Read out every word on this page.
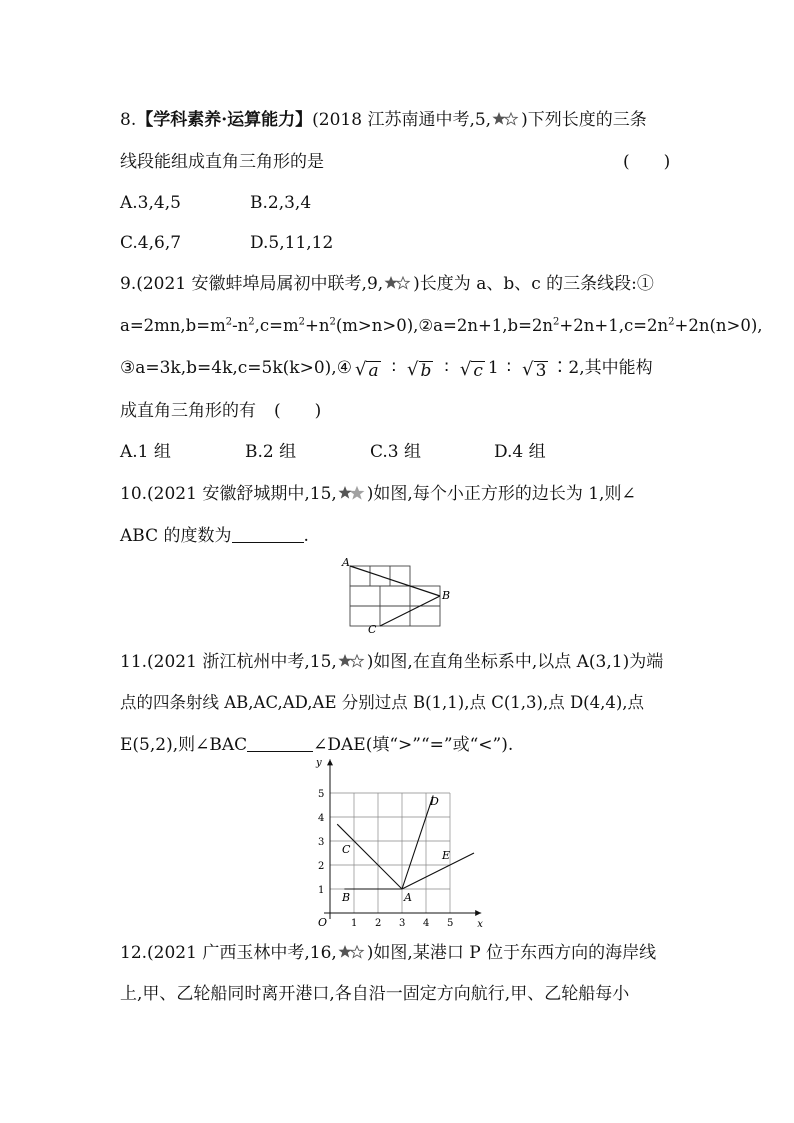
8.【学科素养·运算能力】(2018 江苏南通中考,5, )下列长度的三条
线段能组成直角三角形的是	(　　)
A.3,4,5	B.2,3,4
C.4,6,7	D.5,11,12
9.(2021 安徽蚌埠局属初中联考,9, )长度为 a、b、c 的三条线段:①
$a=2mn,b=m^2-n^2,c=m^2+n^2(m>n>0),②a=2n+1,b=2n^2+2n+1,c=2n^2+2n(n>0)$,
③a=3k,b=4k,c=5k(k>0),④ √ a ∶ √ b ∶ √ c 1 ∶ √ 3 ∶2,其中能构
成直角三角形的有 (　　)
A.1 组	B.2 组	C.3 组	D.4 组
10.(2021 安徽舒城期中,15, )如图,每个小正方形的边长为 1,则∠
ABC 的度数为	.
A
B
C
11.(2021 浙江杭州中考,15, )如图,在直角坐标系中,以点 A(3,1)为端
点的四条射线 AB,AC,AD,AE 分别过点 B(1,1),点 C(1,3),点 D(4,4),点
E(5,2),则∠BAC	∠DAE(填“>”“=”或“<”).
x
y
O 1 2 3 4 5
1
2
3
4
5
A
B
C
D
E
12.(2021 广西玉林中考,16, )如图,某港口 P 位于东西方向的海岸线
上,甲、乙轮船同时离开港口,各自沿一固定方向航行,甲、乙轮船每小
